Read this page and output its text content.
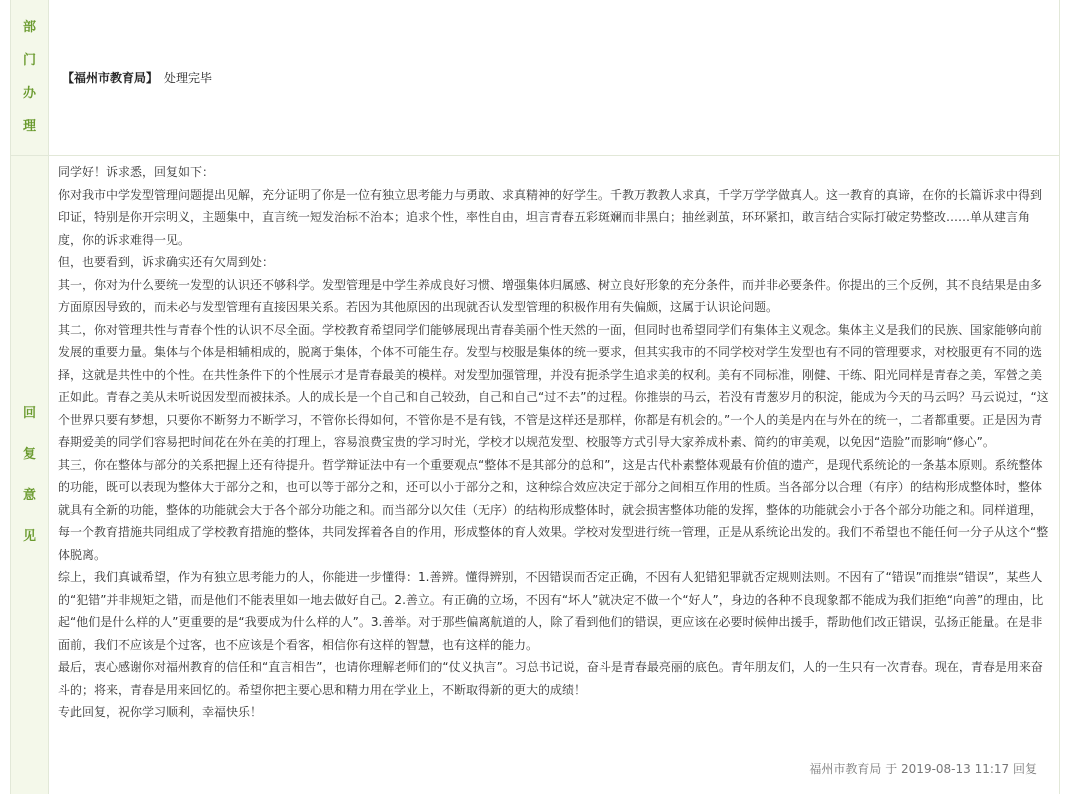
部
门
办
理
【福州市教育局】 处理完毕
回
复
意
见

同学好！诉求悉，回复如下：

你对我市中学发型管理问题提出见解，充分证明了你是一位有独立思考能力与勇敢、求真精神的好学生。千教万教教人求真，千学万学学做真人。这一教育的真谛，在你的长篇诉求中得到印证，特别是你开宗明义，主题集中，直言统一短发治标不治本；追求个性，率性自由，坦言青春五彩斑斓而非黑白；抽丝剥茧，环环紧扣，敢言结合实际打破定势整改……单从建言角度，你的诉求难得一见。

但，也要看到，诉求确实还有欠周到处：

其一，你对为什么要统一发型的认识还不够科学。发型管理是中学生养成良好习惯、增强集体归属感、树立良好形象的充分条件，而并非必要条件。你提出的三个反例，其不良结果是由多方面原因导致的，而未必与发型管理有直接因果关系。若因为其他原因的出现就否认发型管理的积极作用有失偏颇，这属于认识论问题。

其二，你对管理共性与青春个性的认识不尽全面。学校教育希望同学们能够展现出青春美丽个性天然的一面，但同时也希望同学们有集体主义观念。集体主义是我们的民族、国家能够向前发展的重要力量。集体与个体是相辅相成的，脱离于集体，个体不可能生存。发型与校服是集体的统一要求，但其实我市的不同学校对学生发型也有不同的管理要求，对校服更有不同的选择，这就是共性中的个性。在共性条件下的个性展示才是青春最美的模样。对发型加强管理，并没有扼杀学生追求美的权利。美有不同标准，刚健、干练、阳光同样是青春之美，军營之美正如此。青春之美从未听说因发型而被抹杀。人的成长是一个自己和自己较劲，自己和自己“过不去”的过程。你推崇的马云，若没有青葱岁月的积淀，能成为今天的马云吗？马云说过，“这个世界只要有梦想，只要你不断努力不断学习，不管你长得如何，不管你是不是有钱，不管是这样还是那样，你都是有机会的。”一个人的美是内在与外在的统一，二者都重要。正是因为青春期爱美的同学们容易把时间花在外在美的打理上，容易浪费宝贵的学习时光，学校才以规范发型、校服等方式引导大家养成朴素、简约的审美观，以免因“造脸”而影响“修心”。

其三，你在整体与部分的关系把握上还有待提升。哲学辩证法中有一个重要观点“整体不是其部分的总和”，这是古代朴素整体观最有价值的遗产，是现代系统论的一条基本原则。系统整体的功能，既可以表现为整体大于部分之和，也可以等于部分之和，还可以小于部分之和，这种综合效应决定于部分之间相互作用的性质。当各部分以合理（有序）的结构形成整体时，整体就具有全新的功能，整体的功能就会大于各个部分功能之和。而当部分以欠佳（无序）的结构形成整体时，就会损害整体功能的发挥，整体的功能就会小于各个部分功能之和。同样道理，每一个教育措施共同组成了学校教育措施的整体，共同发挥着各自的作用，形成整体的育人效果。学校对发型进行统一管理，正是从系统论出发的。我们不希望也不能任何一分子从这个“整体脱离。

综上，我们真诚希望，作为有独立思考能力的人，你能进一步懂得：1.善辨。懂得辨别，不因错误而否定正确，不因有人犯错犯罪就否定规则法则。不因有了“错误”而推崇“错误”，某些人的“犯错”并非规矩之错，而是他们不能表里如一地去做好自己。2.善立。有正确的立场，不因有“坏人”就决定不做一个“好人”，身边的各种不良现象都不能成为我们拒绝“向善”的理由，比起“他们是什么样的人”更重要的是“我要成为什么样的人”。3.善举。对于那些偏离航道的人，除了看到他们的错误，更应该在必要时候伸出援手，帮助他们改正错误，弘扬正能量。在是非面前，我们不应该是个过客，也不应该是个看客，相信你有这样的智慧，也有这样的能力。

最后，衷心感谢你对福州教育的信任和“直言相告”，也请你理解老师们的“仗义执言”。习总书记说，奋斗是青春最亮丽的底色。青年朋友们，人的一生只有一次青春。现在，青春是用来奋斗的；将来，青春是用来回忆的。希望你把主要心思和精力用在学业上，不断取得新的更大的成绩！

专此回复，祝你学习顺利，幸福快乐！

福州市教育局 于 2019-08-13 11:17 回复
